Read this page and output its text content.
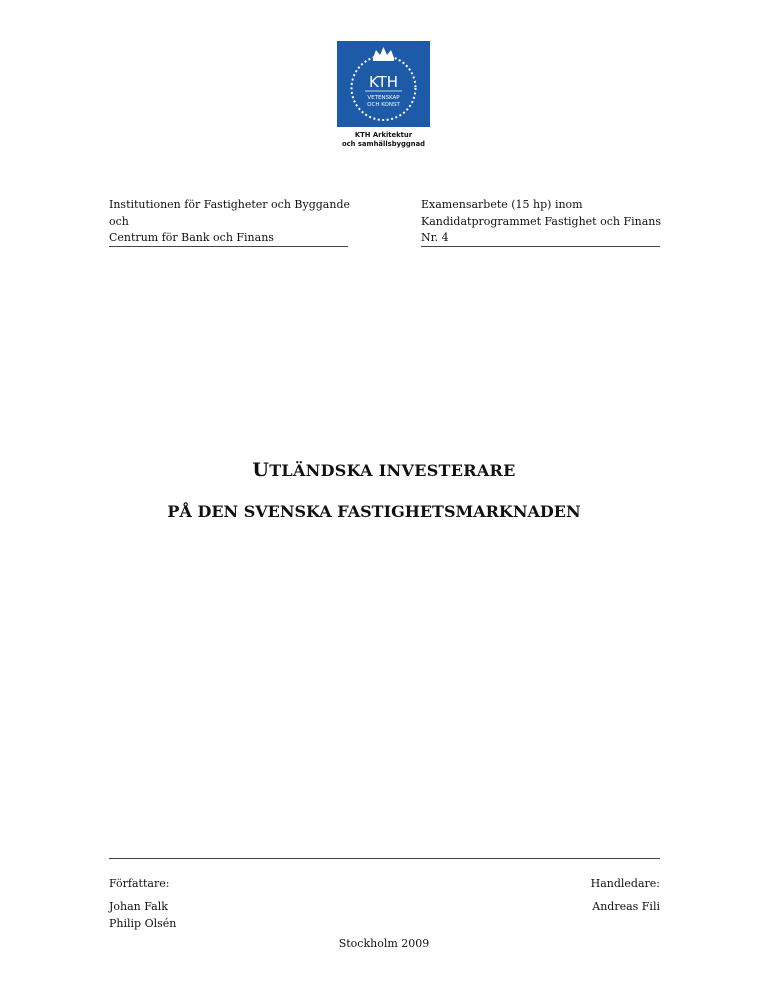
KTH
VETENSKAP
OCH KONST
KTH Arkitektur
och samhällsbyggnad
Institutionen för Fastigheter och Byggande
och
Centrum för Bank och Finans
Examensarbete (15 hp) inom
Kandidatprogrammet Fastighet och Finans
Nr. 4
UTLÄNDSKA INVESTERARE
PÅ DEN SVENSKA FASTIGHETSMARKNADEN
Författare:	Handledare:
Johan Falk
Philip Olsén
Andreas Fili
Stockholm 2009
